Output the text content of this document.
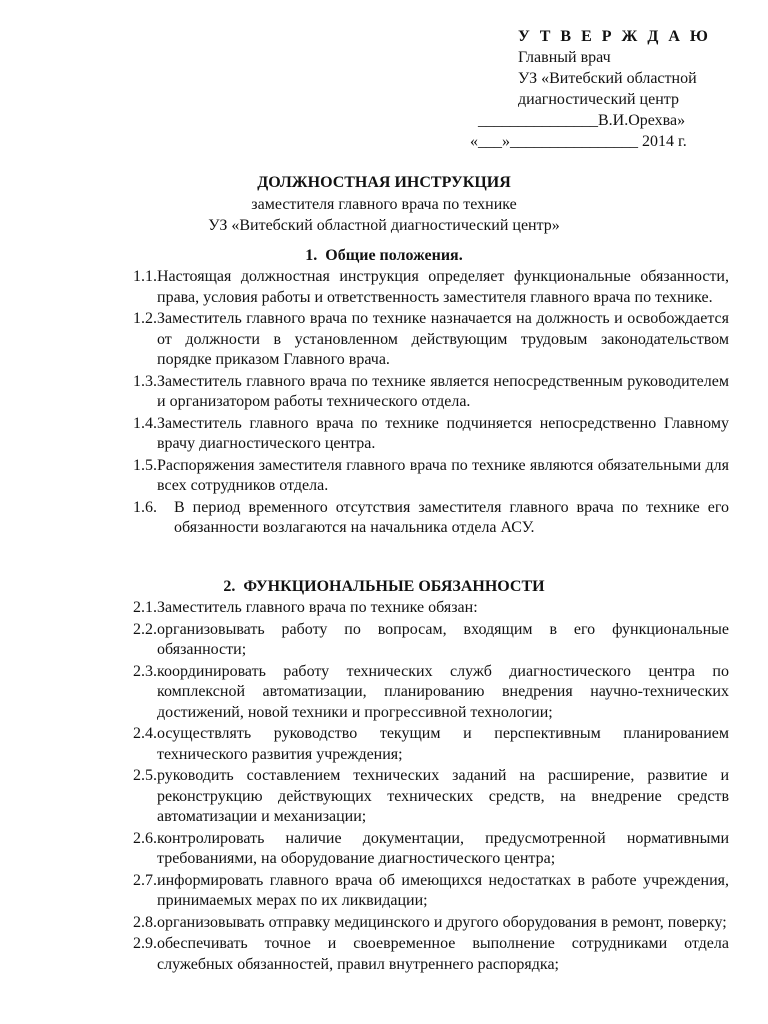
У Т В Е Р Ж Д А Ю
Главный врач
УЗ «Витебский областной
диагностический центр
_______________В.И.Орехва»
«___»________________ 2014 г.
ДОЛЖНОСТНАЯ ИНСТРУКЦИЯ
заместителя главного врача по технике
УЗ «Витебский областной диагностический центр»
1. Общие положения.
1.1. Настоящая должностная инструкция определяет функциональные обязанности, права, условия работы и ответственность заместителя главного врача по технике.
1.2. Заместитель главного врача по технике назначается на должность и освобождается от должности в установленном действующим трудовым законодательством порядке приказом Главного врача.
1.3. Заместитель главного врача по технике является непосредственным руководителем и организатором работы технического отдела.
1.4. Заместитель главного врача по технике подчиняется непосредственно Главному врачу диагностического центра.
1.5. Распоряжения заместителя главного врача по технике являются обязательными для всех сотрудников отдела.
1.6.	В период временного отсутствия заместителя главного врача по технике его обязанности возлагаются на начальника отдела АСУ.
2. ФУНКЦИОНАЛЬНЫЕ ОБЯЗАННОСТИ
2.1. Заместитель главного врача по технике обязан:
2.2. организовывать работу по вопросам, входящим в его функциональные обязанности;
2.3. координировать работу технических служб диагностического центра по комплексной автоматизации, планированию внедрения научно-технических достижений, новой техники и прогрессивной технологии;
2.4. осуществлять руководство текущим и перспективным планированием технического развития учреждения;
2.5. руководить составлением технических заданий на расширение, развитие и реконструкцию действующих технических средств, на внедрение средств автоматизации и механизации;
2.6. контролировать наличие документации, предусмотренной нормативными требованиями, на оборудование диагностического центра;
2.7. информировать главного врача об имеющихся недостатках в работе учреждения, принимаемых мерах по их ликвидации;
2.8. организовывать отправку медицинского и другого оборудования в ремонт, поверку;
2.9. обеспечивать точное и своевременное выполнение сотрудниками отдела служебных обязанностей, правил внутреннего распорядка;
